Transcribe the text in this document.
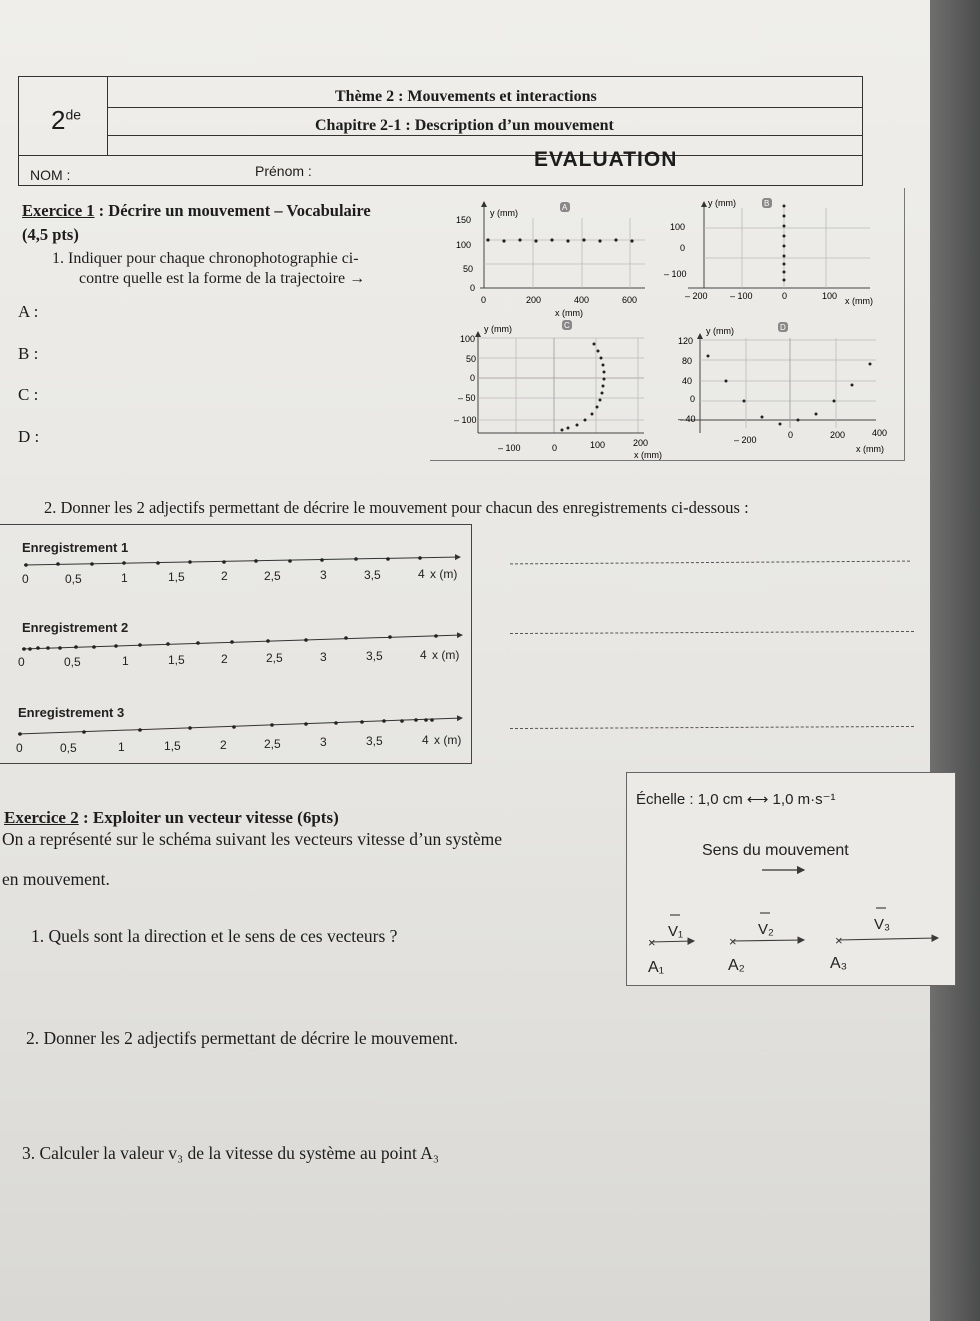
2de
Thème 2 : Mouvements et interactions
Chapitre 2-1 : Description d’un mouvement
NOM :	Prénom :	EVALUATION
Exercice 1 : Décrire un mouvement – Vocabulaire
(4,5 pts)
1. Indiquer pour chaque chronophotographie ci-
contre quelle est la forme de la trajectoire →
A :
B :
C :
D :
y (mm)
x (mm)
A
150
100
50
0
0	200	400	600
y (mm)
x (mm)
B
100
0
– 100
– 200 – 100	0	100
y (mm)
x (mm)
C
100
50
0
– 50
– 100
– 100	0	100	200
y (mm)
x (mm)
D
120
80
40
0
– 40
– 200	0	200	400
2. Donner les 2 adjectifs permettant de décrire le mouvement pour chacun des enregistrements ci-dessous :
Enregistrement 1
0	0,5	1	1,5	2	2,5	3	3,5	4 x (m)
Enregistrement 2
0	0,5	1	1,5	2	2,5	3	3,5	4 x (m)
Enregistrement 3
0	0,5	1	1,5	2	2,5	3	3,5	4 x (m)
Exercice 2 : Exploiter un vecteur vitesse (6pts)
On a représenté sur le schéma suivant les vecteurs vitesse d’un système
en mouvement.
1. Quels sont la direction et le sens de ces vecteurs ?
2. Donner les 2 adjectifs permettant de décrire le mouvement.
3. Calculer la valeur v₃ de la vitesse du système au point A₃
Échelle : 1,0 cm ⟷ 1,0 m·s⁻¹
Sens du mouvement
×	×	×
V₁	V₂	V₃
A₁	A₂	A₃
